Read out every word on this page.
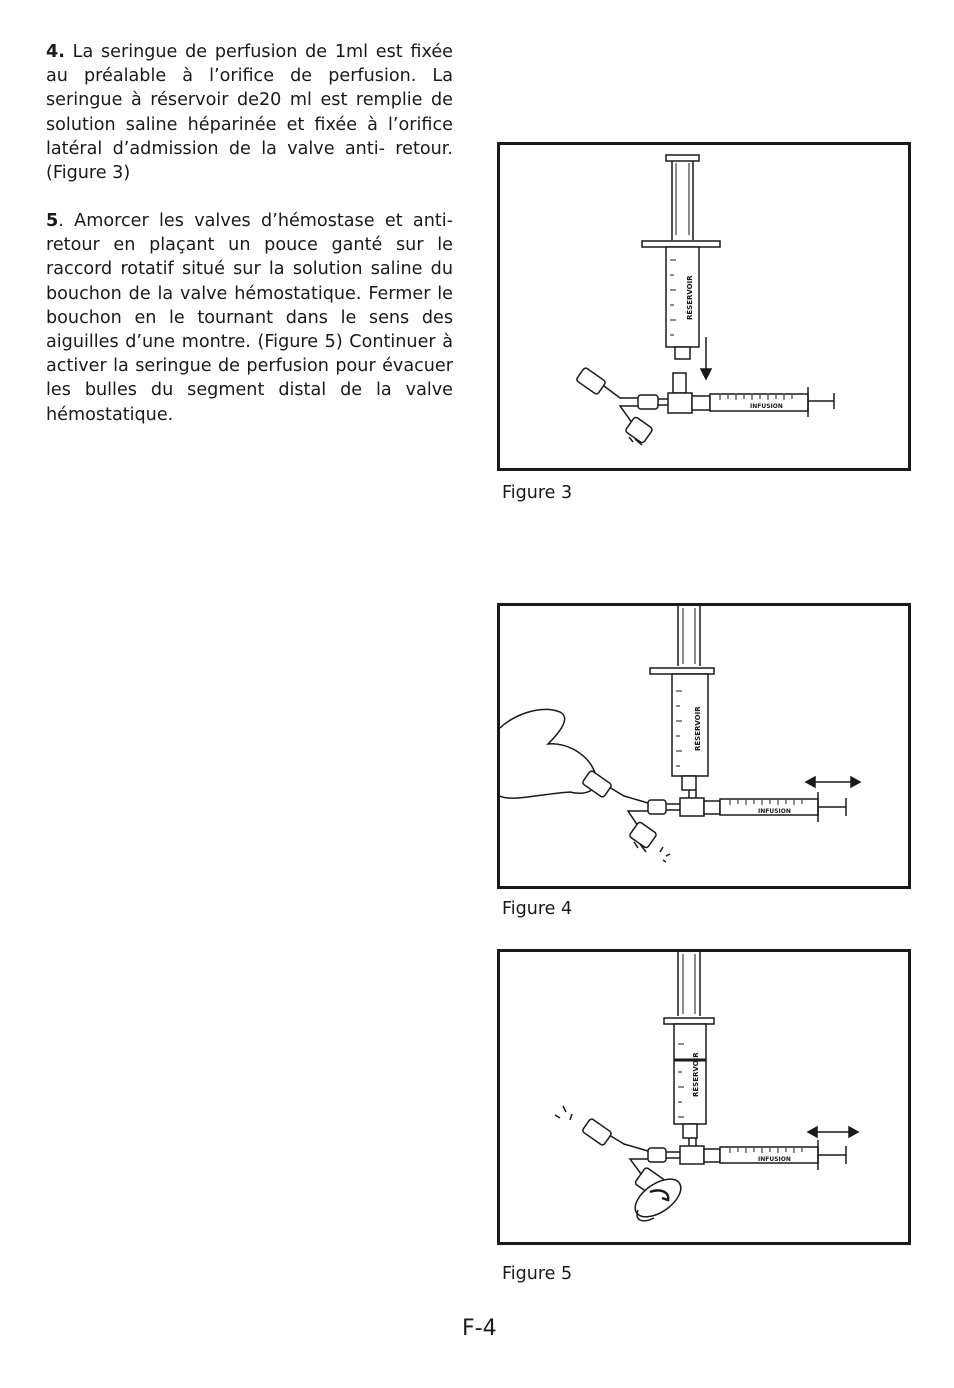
4. La seringue de perfusion de 1ml est fixée au préalable à l’orifice de perfusion. La seringue à réservoir de20 ml est remplie de solution saline héparinée et fixée à l’orifice latéral d’admission de la valve anti- retour. (Figure 3)

5. Amorcer les valves d’hémostase et anti-retour en plaçant un pouce ganté sur le raccord rotatif situé sur la solution saline du bouchon de la valve hémostatique. Fermer le bouchon en le tournant dans le sens des aiguilles d’une montre. (Figure 5) Continuer à activer la seringue de perfusion pour évacuer les bulles du segment distal de la valve hémostatique.

RÉSERVOIR
INFUSION

Figure 3

RÉSERVOIR
INFUSION

Figure 4

RÉSERVOIR
INFUSION

Figure 5

F-4
